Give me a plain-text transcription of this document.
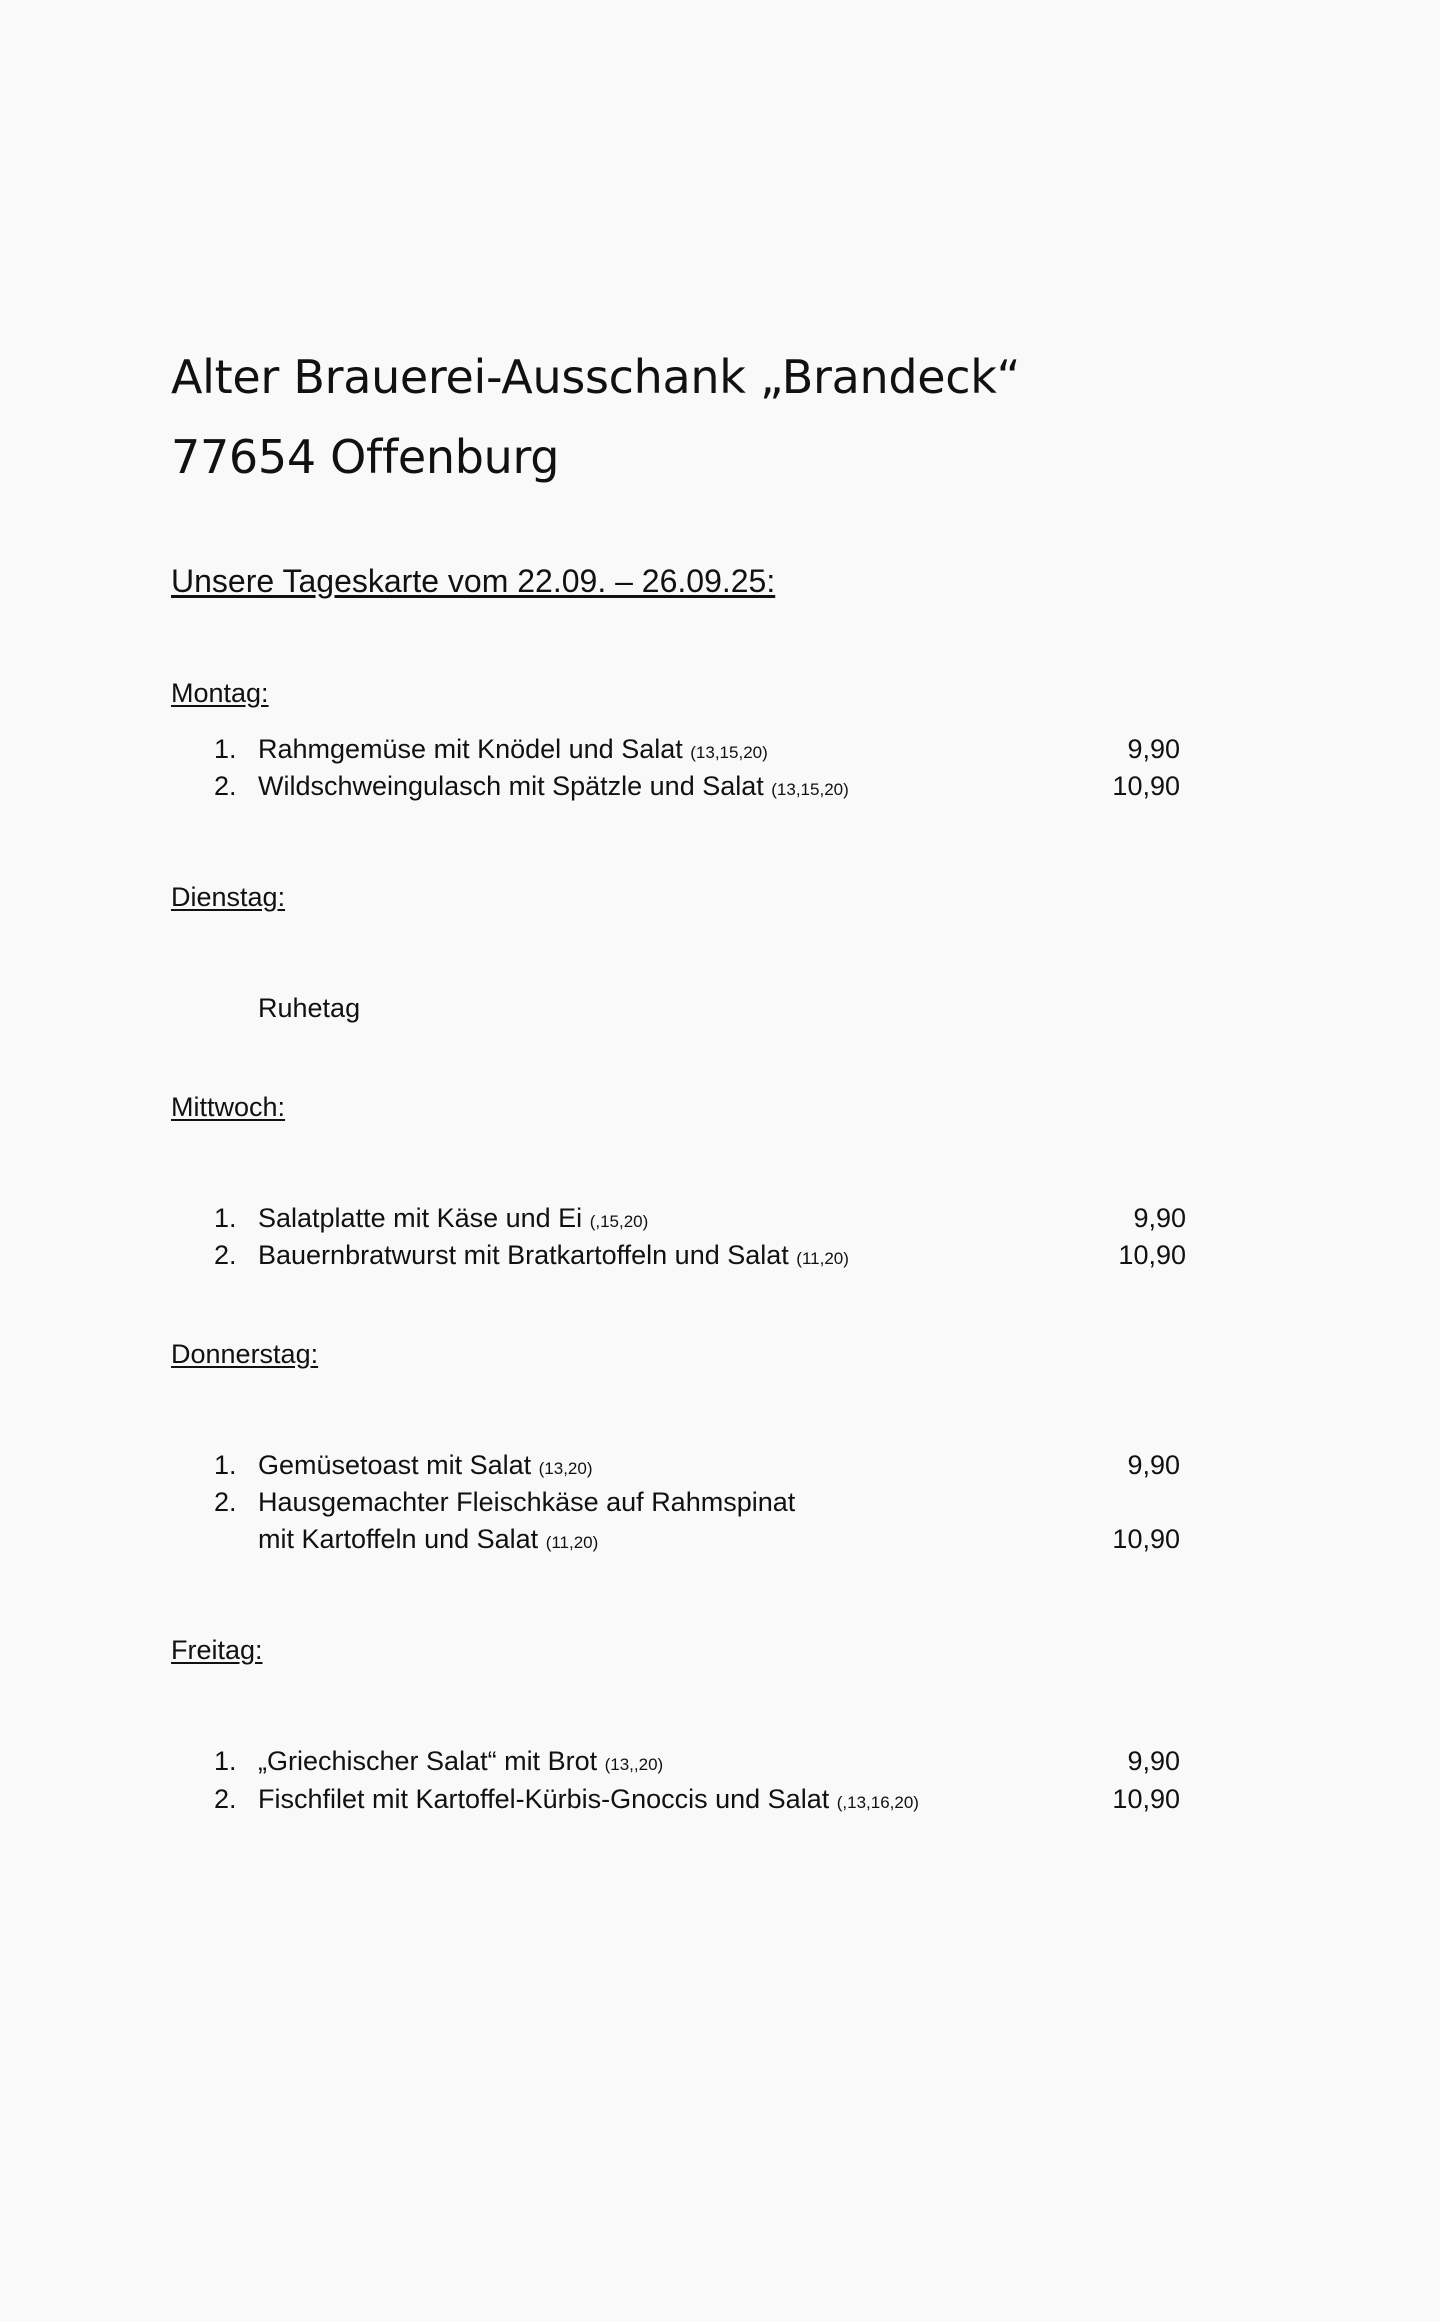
Alter Brauerei-Ausschank „Brandeck“
77654 Offenburg
Unsere Tageskarte vom 22.09. – 26.09.25:
Montag:
1. Rahmgemüse mit Knödel und Salat (13,15,20)	9,90
2. Wildschweingulasch mit Spätzle und Salat (13,15,20)	10,90
Dienstag:
Ruhetag
Mittwoch:
1. Salatplatte mit Käse und Ei (,15,20)	9,90
2. Bauernbratwurst mit Bratkartoffeln und Salat (11,20)	10,90
Donnerstag:
1. Gemüsetoast mit Salat (13,20)	9,90
2. Hausgemachter Fleischkäse auf Rahmspinat
mit Kartoffeln und Salat (11,20)	10,90
Freitag:
1. „Griechischer Salat“ mit Brot (13,,20)	9,90
2. Fischfilet mit Kartoffel-Kürbis-Gnoccis und Salat (,13,16,20)	10,90
